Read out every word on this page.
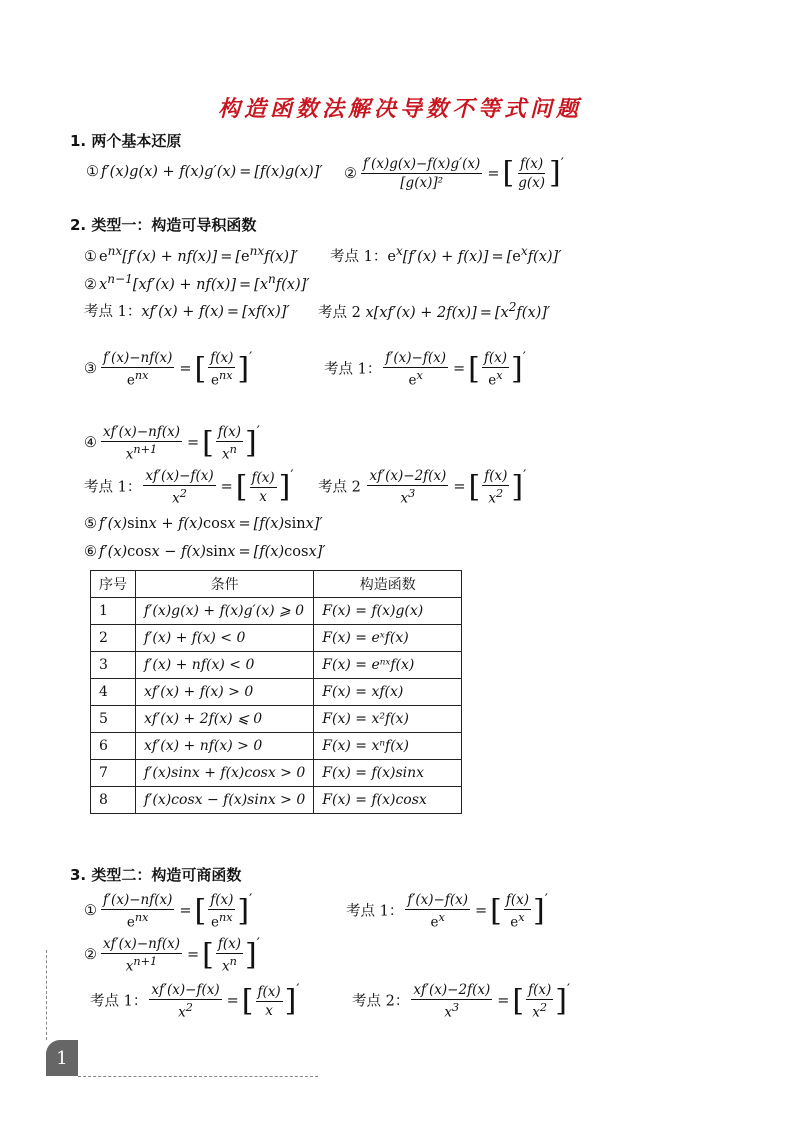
构造函数法解决导数不等式问题
1. 两个基本还原
① f′(x)g(x) + f(x)g′(x) = [f(x)g(x)]′ ② $\frac{f'(x)g(x)-f(x)g'(x)}{\text{[g(x)]²}}$ = [ $\frac{f(x)}{g(x)}$ ]′
2. 类型一：构造可导积函数
① $e^{nx}[f'(x) + nf(x)] = [e^{nx}f(x)]'$ 考点 1：$e^x[f'(x) + f(x)] = [e^xf(x)]'$
② $x^{n-1}[xf'(x) + nf(x)] = [x^nf(x)]'$
考点 1：xf′(x) + f(x) = [xf(x)]′ 考点 2 $x[xf'(x) + 2f(x)] = [x^2f(x)]'$
③ $\frac{f'(x)-nf(x)}{e^{nx}}$ = [ $\frac{f(x)}{e^{nx}}$ ]′
考点 1： $\frac{f'(x)-f(x)}{e^x}$ = [ $\frac{f(x)}{e^x}$ ]′
④ $\frac{xf'(x)-nf(x)}{x^{n+1}}$ = [ $\frac{f(x)}{x^n}$ ]′
考点 1： $\frac{xf'(x)-f(x)}{x^2}$ = [ $\frac{f(x)}{x}$ ]′
考点 $2 \frac{xf'(x)-2f(x)}{x^3}$ = [ $\frac{f(x)}{x^2}$ ]′
⑤ f′(x)sinx + f(x)cosx = [f(x)sinx]′
⑥ f′(x)cosx − f(x)sinx = [f(x)cosx]′
序号	条件	构造函数
1	f′(x)g(x) + f(x)g′(x) ⩾ 0	F(x) = f(x)g(x)
2	f′(x) + f(x) < 0	F(x) = eˣf(x)
3	f′(x) + nf(x) < 0	F(x) = eⁿˣf(x)
4	xf′(x) + f(x) > 0	F(x) = xf(x)
5	xf′(x) + 2f(x) ⩽ 0	F(x) = x²f(x)
6	xf′(x) + nf(x) > 0	F(x) = xⁿf(x)
7	f′(x)sinx + f(x)cosx > 0	F(x) = f(x)sinx
8	f′(x)cosx − f(x)sinx > 0	F(x) = f(x)cosx
3. 类型二：构造可商函数
① $\frac{f'(x)-nf(x)}{e^{nx}}$ = [ $\frac{f(x)}{e^{nx}}$ ]′
考点 1： $\frac{f'(x)-f(x)}{e^x}$ = [ $\frac{f(x)}{e^x}$ ]′
② $\frac{xf'(x)-nf(x)}{x^{n+1}}$ = [ $\frac{f(x)}{x^n}$ ]′
考点 1： $\frac{xf'(x)-f(x)}{x^2}$ = [ $\frac{f(x)}{x}$ ]′
考点 2： $\frac{xf'(x)-2f(x)}{x^3}$ = [ $\frac{f(x)}{x^2}$ ]′
1
